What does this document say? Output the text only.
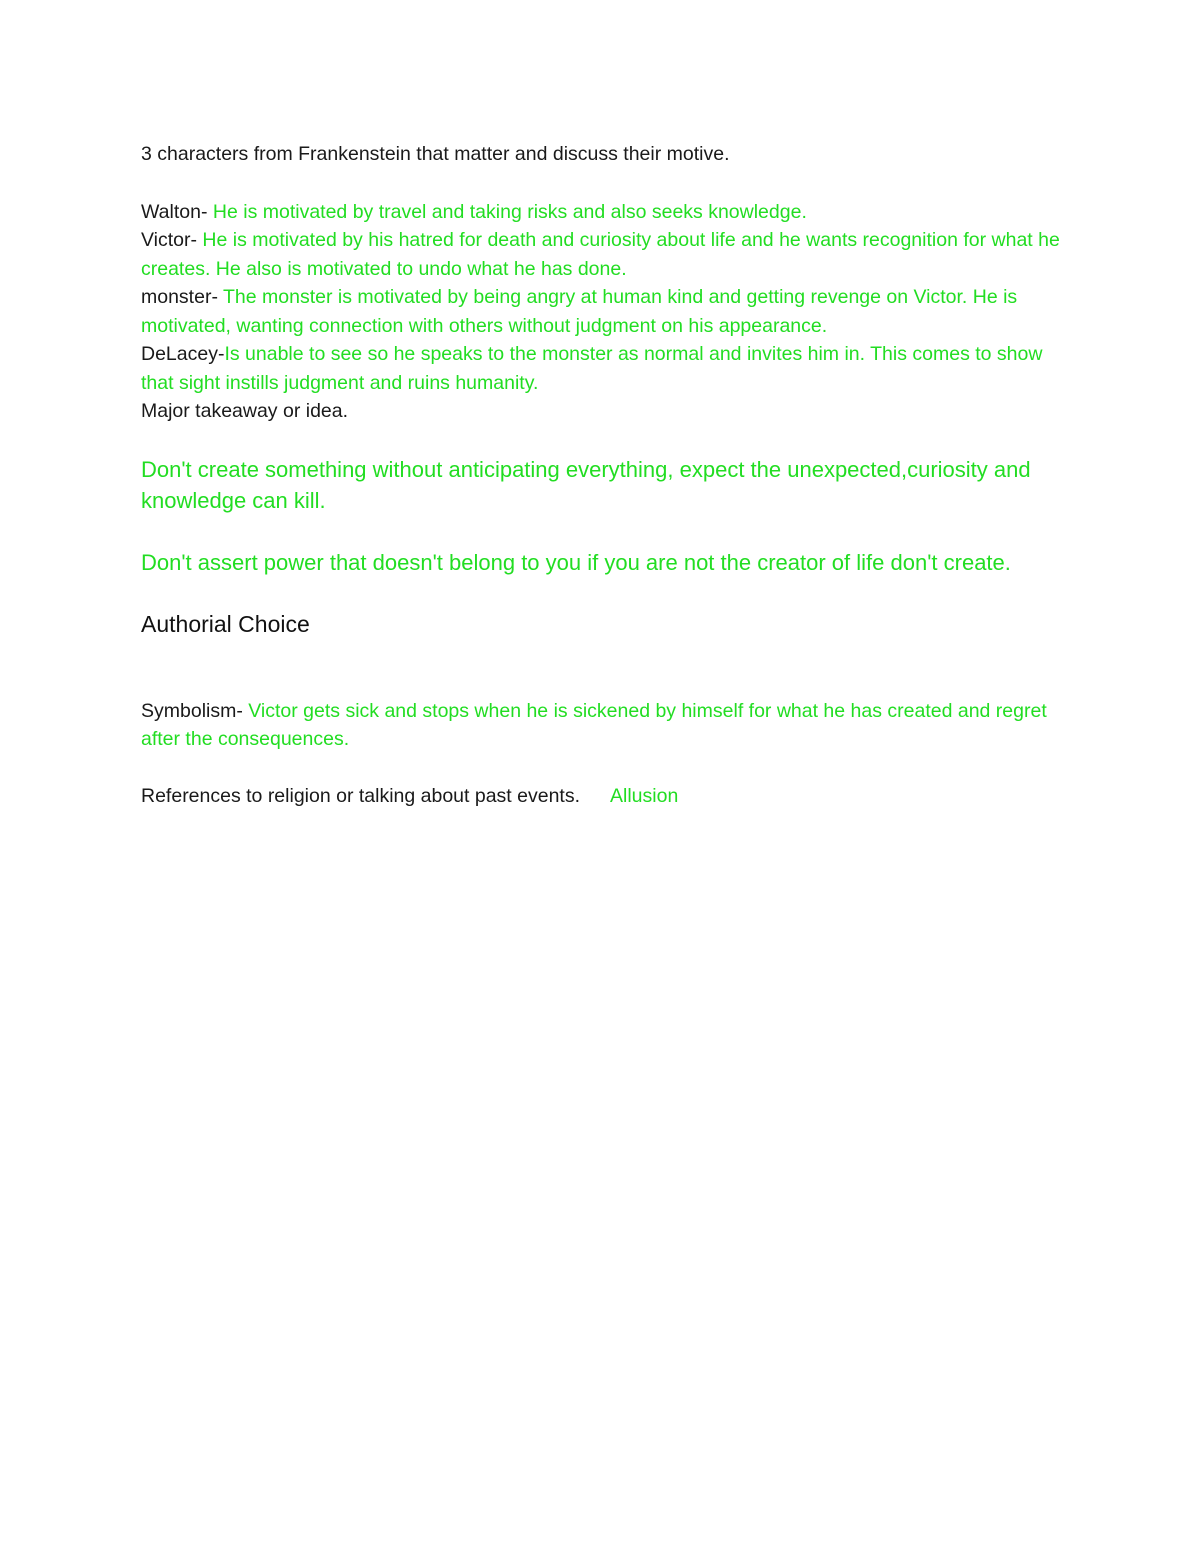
3 characters from Frankenstein that matter and discuss their motive.

Walton- He is motivated by travel and taking risks and also seeks knowledge.

Victor- He is motivated by his hatred for death and curiosity about life and he wants recognition for what he creates. He also is motivated to undo what he has done.

monster- The monster is motivated by being angry at human kind and getting revenge on Victor. He is motivated, wanting connection with others without judgment on his appearance.

DeLacey-Is unable to see so he speaks to the monster as normal and invites him in. This comes to show that sight instills judgment and ruins humanity.

Major takeaway or idea.

Don't create something without anticipating everything, expect the unexpected,curiosity and knowledge can kill.

Don't assert power that doesn't belong to you if you are not the creator of life don't create.

Authorial Choice

Symbolism- Victor gets sick and stops when he is sickened by himself for what he has created and regret after the consequences.

References to religion or talking about past events. Allusion
